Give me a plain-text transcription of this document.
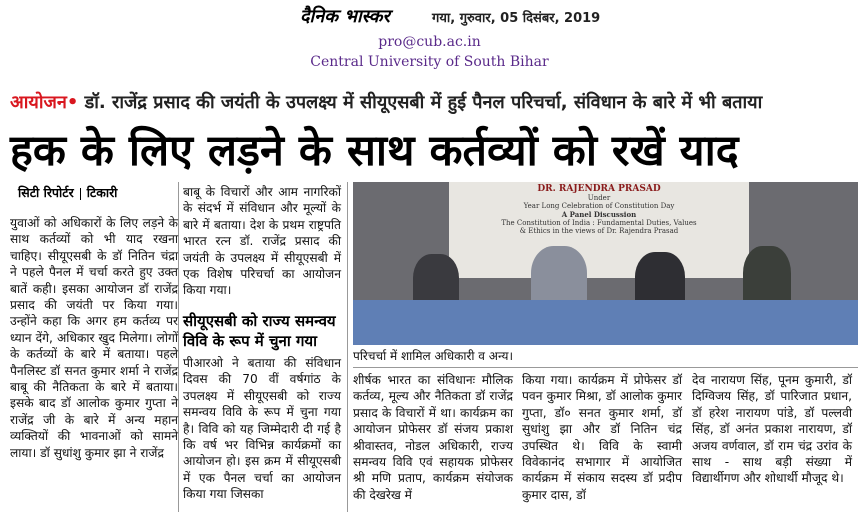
दैनिक भास्कर	गया, गुरुवार, 05 दिसंबर, 2019
pro@cub.ac.in
Central University of South Bihar
आयोजन• डॉ. राजेंद्र प्रसाद की जयंती के उपलक्ष्य में सीयूएसबी में हुई पैनल परिचर्चा, संविधान के बारे में भी बताया
हक के लिए लड़ने के साथ कर्तव्यों को रखें याद
सिटी रिपोर्टर टिकारी
युवाओं को अधिकारों के लिए लड़ने के साथ कर्तव्यों को भी याद रखना चाहिए। सीयूएसबी के डॉ नितिन चंद्रा ने पहले पैनल में चर्चा करते हुए उक्त बातें कही। इसका आयोजन डॉ राजेंद्र प्रसाद की जयंती पर किया गया। उन्होंने कहा कि अगर हम कर्तव्य पर ध्यान देंगे, अधिकार खुद मिलेगा। लोगों के कर्तव्यों के बारे में बताया। पहले पैनलिस्ट डॉ सनत कुमार शर्मा ने राजेंद्र बाबू की नैतिकता के बारे में बताया। इसके बाद डॉ आलोक कुमार गुप्ता ने राजेंद्र जी के बारे में अन्य महान व्यक्तियों की भावनाओं को सामने लाया। डॉ सुधांशु कुमार झा ने राजेंद्र
बाबू के विचारों और आम नागरिकों के संदर्भ में संविधान और मूल्यों के बारे में बताया। देश के प्रथम राष्ट्रपति भारत रत्न डॉ. राजेंद्र प्रसाद की जयंती के उपलक्ष्य में सीयूएसबी में एक विशेष परिचर्चा का आयोजन किया गया।
सीयूएसबी को राज्य समन्वय विवि के रूप में चुना गया
पीआरओ ने बताया की संविधान दिवस की 70 वीं वर्षगांठ के उपलक्ष्य में सीयूएसबी को राज्य समन्वय विवि के रूप में चुना गया है। विवि को यह जिम्मेदारी दी गई है कि वर्ष भर विभिन्न कार्यक्रमों का आयोजन हो। इस क्रम में सीयूएसबी में एक पैनल चर्चा का आयोजन किया गया जिसका
DR. RAJENDRA PRASAD
Under
Year Long Celebration of Constitution Day
A Panel Discussion
The Constitution of India : Fundamental Duties, Values
& Ethics in the views of Dr. Rajendra Prasad
परिचर्चा में शामिल अधिकारी व अन्य।
शीर्षक भारत का संविधानः मौलिक कर्तव्य, मूल्य और नैतिकता डॉ राजेंद्र प्रसाद के विचारों में था। कार्यक्रम का आयोजन प्रोफेसर डॉ संजय प्रकाश श्रीवास्तव, नोडल अधिकारी, राज्य समन्वय विवि एवं सहायक प्रोफेसर श्री मणि प्रताप, कार्यक्रम संयोजक की देखरेख में
किया गया। कार्यक्रम में प्रोफेसर डॉ पवन कुमार मिश्रा, डॉ आलोक कुमार गुप्ता, डॉ० सनत कुमार शर्मा, डॉ सुधांशु झा और डॉ नितिन चंद्र उपस्थित थे। विवि के स्वामी विवेकानंद सभागार में आयोजित कार्यक्रम में संकाय सदस्य डॉ प्रदीप कुमार दास, डॉ
देव नारायण सिंह, पूनम कुमारी, डॉ दिग्विजय सिंह, डॉ पारिजात प्रधान, डॉ हरेश नारायण पांडे, डॉ पल्लवी सिंह, डॉ अनंत प्रकाश नारायण, डॉ अजय वर्णवाल, डॉ राम चंद्र उरांव के साथ - साथ बड़ी संख्या में विद्यार्थीगण और शोधार्थी मौजूद थे।
